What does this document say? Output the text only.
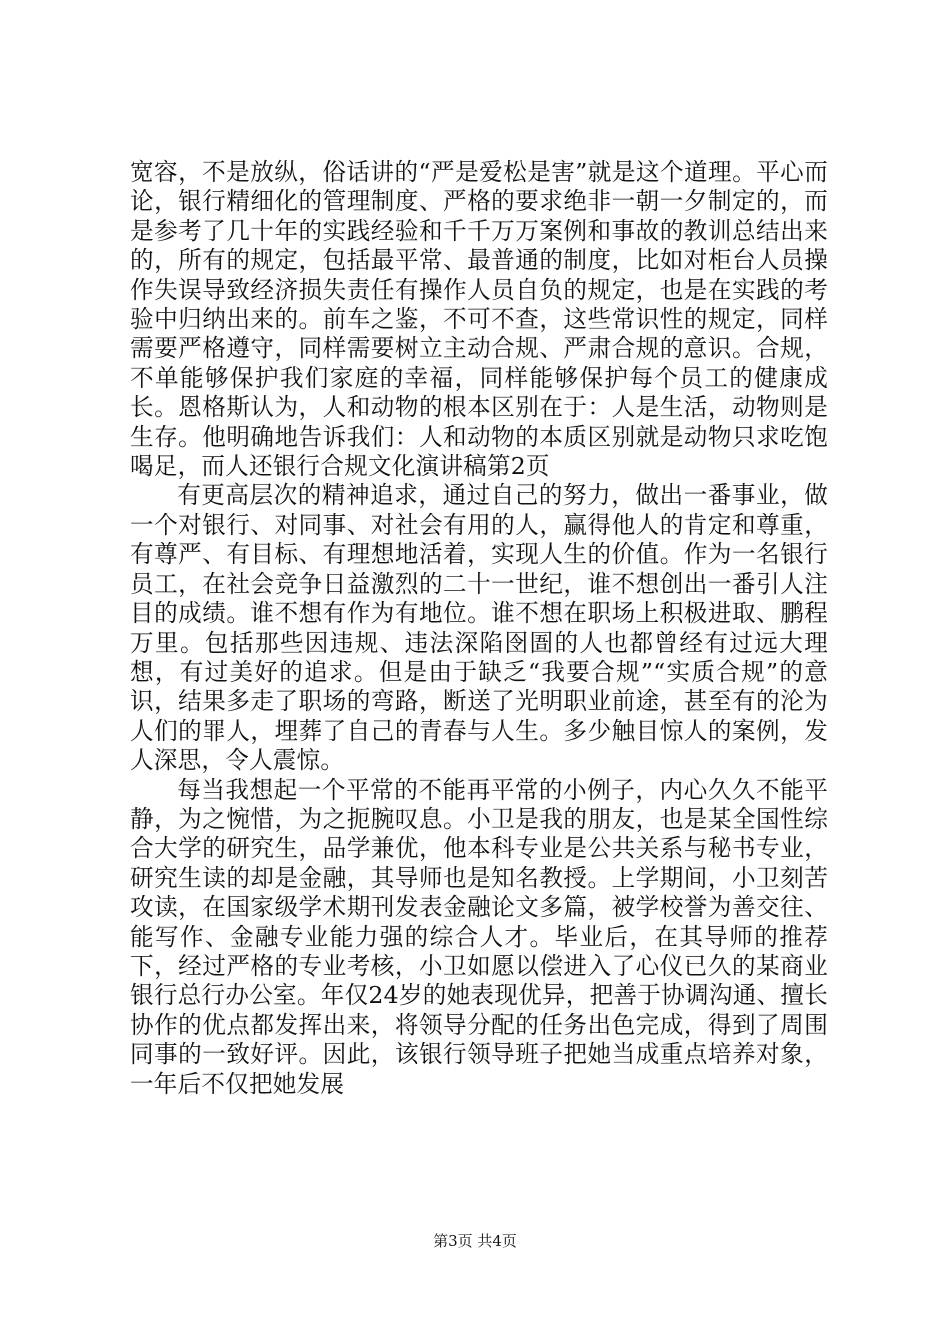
宽容，不是放纵，俗话讲的“严是爱松是害”就是这个道理。平心而论，银行精细化的管理制度、严格的要求绝非一朝一夕制定的，而是参考了几十年的实践经验和千千万万案例和事故的教训总结出来的，所有的规定，包括最平常、最普通的制度，比如对柜台人员操作失误导致经济损失责任有操作人员自负的规定，也是在实践的考验中归纳出来的。前车之鉴，不可不查，这些常识性的规定，同样需要严格遵守，同样需要树立主动合规、严肃合规的意识。合规，不单能够保护我们家庭的幸福，同样能够保护每个员工的健康成长。恩格斯认为，人和动物的根本区别在于：人是生活，动物则是生存。他明确地告诉我们：人和动物的本质区别就是动物只求吃饱喝足，而人还银行合规文化演讲稿第2页

有更高层次的精神追求，通过自己的努力，做出一番事业，做一个对银行、对同事、对社会有用的人，赢得他人的肯定和尊重，有尊严、有目标、有理想地活着，实现人生的价值。作为一名银行员工，在社会竞争日益激烈的二十一世纪，谁不想创出一番引人注目的成绩。谁不想有作为有地位。谁不想在职场上积极进取、鹏程万里。包括那些因违规、违法深陷囹圄的人也都曾经有过远大理想，有过美好的追求。但是由于缺乏“我要合规”“实质合规”的意识，结果多走了职场的弯路，断送了光明职业前途，甚至有的沦为人们的罪人，埋葬了自己的青春与人生。多少触目惊人的案例，发人深思，令人震惊。

每当我想起一个平常的不能再平常的小例子，内心久久不能平静，为之惋惜，为之扼腕叹息。小卫是我的朋友，也是某全国性综合大学的研究生，品学兼优，他本科专业是公共关系与秘书专业，研究生读的却是金融，其导师也是知名教授。上学期间，小卫刻苦攻读，在国家级学术期刊发表金融论文多篇，被学校誉为善交往、能写作、金融专业能力强的综合人才。毕业后，在其导师的推荐下，经过严格的专业考核，小卫如愿以偿进入了心仪已久的某商业银行总行办公室。年仅24岁的她表现优异，把善于协调沟通、擅长协作的优点都发挥出来，将领导分配的任务出色完成，得到了周围同事的一致好评。因此，该银行领导班子把她当成重点培养对象，一年后不仅把她发展

第3页 共4页
